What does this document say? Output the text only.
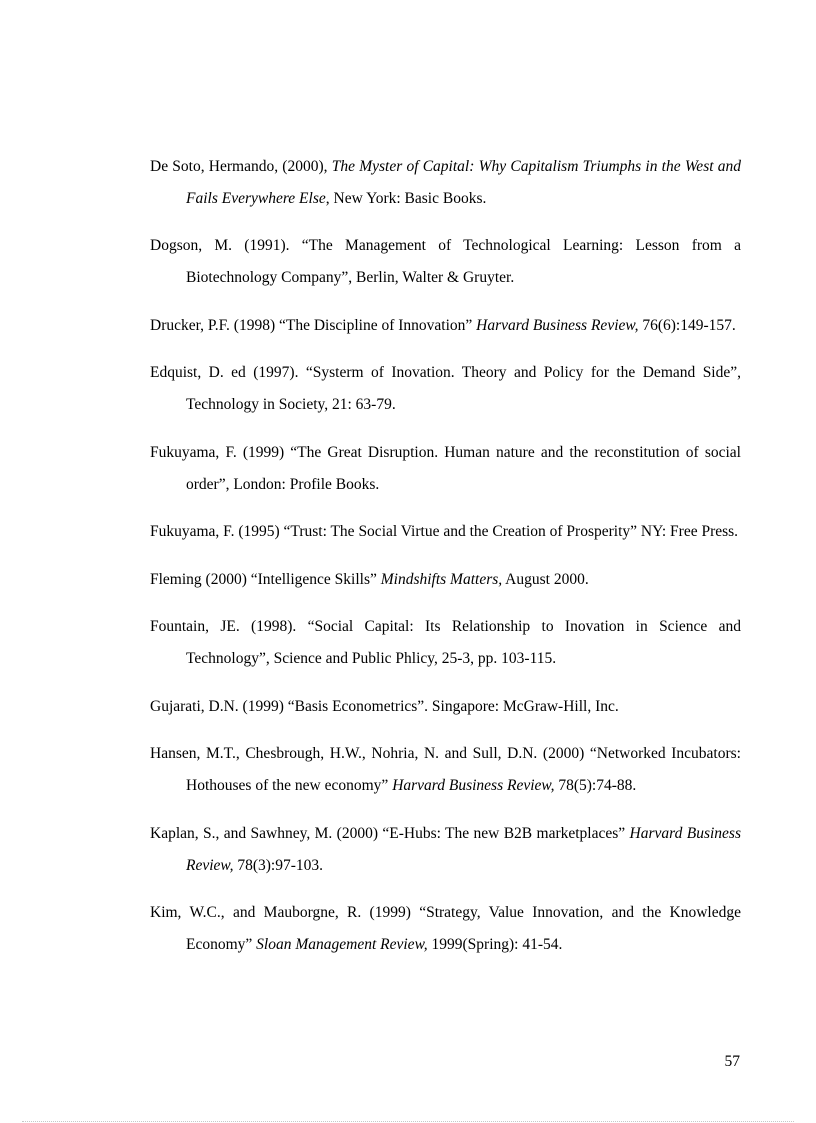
De Soto, Hermando, (2000), The Myster of Capital: Why Capitalism Triumphs in the West and Fails Everywhere Else, New York: Basic Books.

Dogson, M. (1991). “The Management of Technological Learning: Lesson from a Biotechnology Company”, Berlin, Walter & Gruyter.

Drucker, P.F. (1998) “The Discipline of Innovation” Harvard Business Review, 76(6):149-157.

Edquist, D. ed (1997). “Systerm of Inovation. Theory and Policy for the Demand Side”, Technology in Society, 21: 63-79.

Fukuyama, F. (1999) “The Great Disruption. Human nature and the reconstitution of social order”, London: Profile Books.

Fukuyama, F. (1995) “Trust: The Social Virtue and the Creation of Prosperity” NY: Free Press.

Fleming (2000) “Intelligence Skills” Mindshifts Matters, August 2000.

Fountain, JE. (1998). “Social Capital: Its Relationship to Inovation in Science and Technology”, Science and Public Phlicy, 25-3, pp. 103-115.

Gujarati, D.N. (1999) “Basis Econometrics”. Singapore: McGraw-Hill, Inc.

Hansen, M.T., Chesbrough, H.W., Nohria, N. and Sull, D.N. (2000) “Networked Incubators: Hothouses of the new economy” Harvard Business Review, 78(5):74-88.

Kaplan, S., and Sawhney, M. (2000) “E-Hubs: The new B2B marketplaces” Harvard Business Review, 78(3):97-103.

Kim, W.C., and Mauborgne, R. (1999) “Strategy, Value Innovation, and the Knowledge Economy” Sloan Management Review, 1999(Spring): 41-54.

57
